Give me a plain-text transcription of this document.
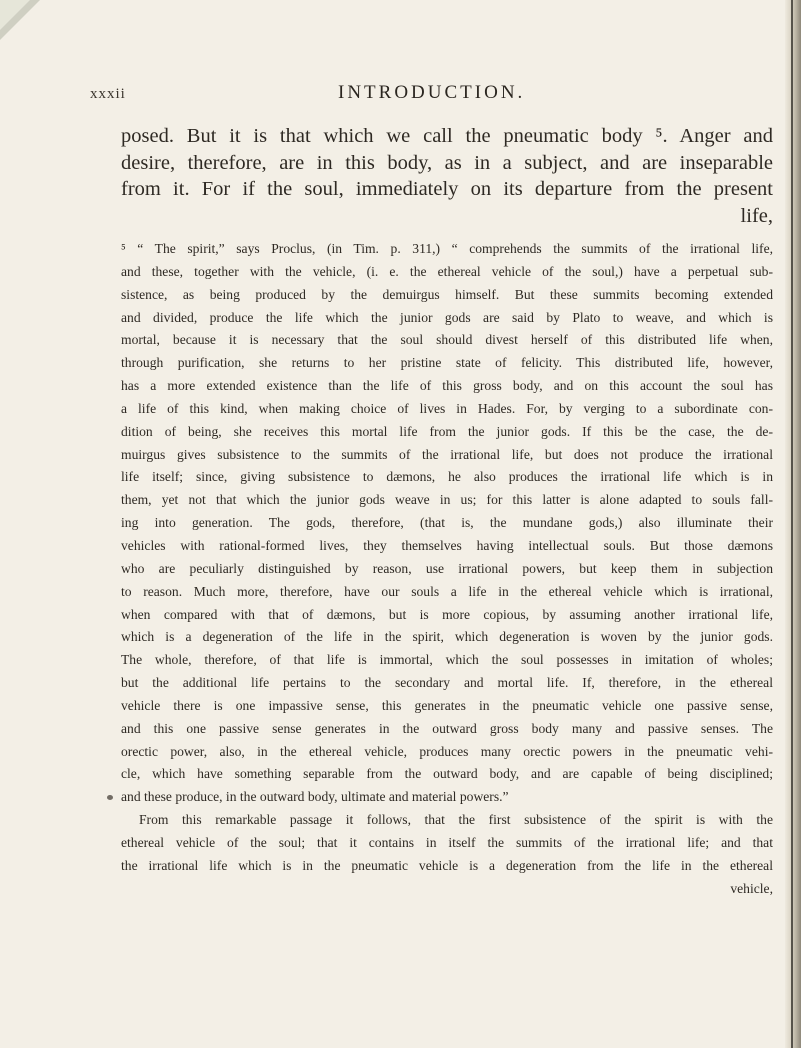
xxxii	INTRODUCTION.
posed. But it is that which we call the pneumatic body ⁵. Anger and
desire, therefore, are in this body, as in a subject, and are inseparable
from it. For if the soul, immediately on its departure from the present
life,
⁵ “ The spirit,” says Proclus, (in Tim. p. 311,) “ comprehends the summits of the irrational life,
and these, together with the vehicle, (i. e. the ethereal vehicle of the soul,) have a perpetual sub-
sistence, as being produced by the demuirgus himself. But these summits becoming extended
and divided, produce the life which the junior gods are said by Plato to weave, and which is
mortal, because it is necessary that the soul should divest herself of this distributed life when,
through purification, she returns to her pristine state of felicity. This distributed life, however,
has a more extended existence than the life of this gross body, and on this account the soul has
a life of this kind, when making choice of lives in Hades. For, by verging to a subordinate con-
dition of being, she receives this mortal life from the junior gods. If this be the case, the de-
muirgus gives subsistence to the summits of the irrational life, but does not produce the irrational
life itself; since, giving subsistence to dæmons, he also produces the irrational life which is in
them, yet not that which the junior gods weave in us; for this latter is alone adapted to souls fall-
ing into generation. The gods, therefore, (that is, the mundane gods,) also illuminate their
vehicles with rational-formed lives, they themselves having intellectual souls. But those dæmons
who are peculiarly distinguished by reason, use irrational powers, but keep them in subjection
to reason. Much more, therefore, have our souls a life in the ethereal vehicle which is irrational,
when compared with that of dæmons, but is more copious, by assuming another irrational life,
which is a degeneration of the life in the spirit, which degeneration is woven by the junior gods.
The whole, therefore, of that life is immortal, which the soul possesses in imitation of wholes;
but the additional life pertains to the secondary and mortal life. If, therefore, in the ethereal
vehicle there is one impassive sense, this generates in the pneumatic vehicle one passive sense,
and this one passive sense generates in the outward gross body many and passive senses. The
orectic power, also, in the ethereal vehicle, produces many orectic powers in the pneumatic vehi-
cle, which have something separable from the outward body, and are capable of being disciplined;
and these produce, in the outward body, ultimate and material powers.”
From this remarkable passage it follows, that the first subsistence of the spirit is with the
ethereal vehicle of the soul; that it contains in itself the summits of the irrational life; and that
the irrational life which is in the pneumatic vehicle is a degeneration from the life in the ethereal
vehicle,
